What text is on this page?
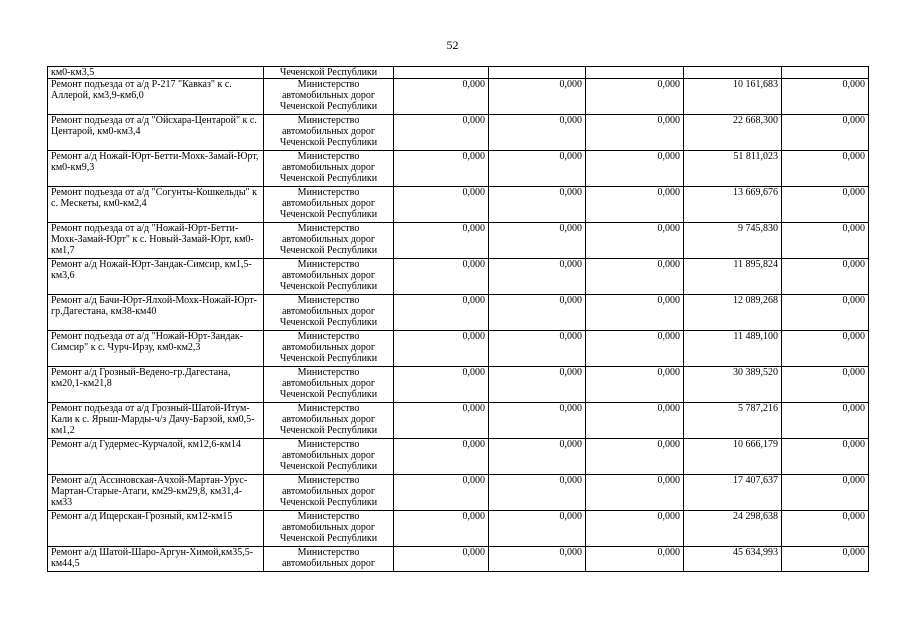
52
км0-км3,5	Чеченской Республики					
Ремонт подъезда от а/д Р-217 "Кавказ" к с. Аллерой, км3,9-км6,0	Министерство автомобильных дорог Чеченской Республики	0,000	0,000	0,000	10 161,683	0,000
Ремонт подъезда от а/д "Ойсхара-Центарой" к с. Центарой, км0-км3,4	Министерство автомобильных дорог Чеченской Республики	0,000	0,000	0,000	22 668,300	0,000
Ремонт а/д Ножай-Юрт-Бетти-Мохк-Замай-Юрт, км0-км9,3	Министерство автомобильных дорог Чеченской Республики	0,000	0,000	0,000	51 811,023	0,000
Ремонт подъезда от а/д "Согунты-Кошкельды" к с. Мескеты, км0-км2,4	Министерство автомобильных дорог Чеченской Республики	0,000	0,000	0,000	13 669,676	0,000
Ремонт подъезда от а/д "Ножай-Юрт-Бетти-Мохк-Замай-Юрт" к с. Новый-Замай-Юрт, км0-км1,7	Министерство автомобильных дорог Чеченской Республики	0,000	0,000	0,000	9 745,830	0,000
Ремонт а/д Ножай-Юрт-Зандак-Симсир, км1,5-км3,6	Министерство автомобильных дорог Чеченской Республики	0,000	0,000	0,000	11 895,824	0,000
Ремонт а/д Бачи-Юрт-Ялхой-Мохк-Ножай-Юрт-гр.Дагестана, км38-км40	Министерство автомобильных дорог Чеченской Республики	0,000	0,000	0,000	12 089,268	0,000
Ремонт подъезда от а/д "Ножай-Юрт-Зандак-Симсир" к с. Чурч-Ирзу, км0-км2,3	Министерство автомобильных дорог Чеченской Республики	0,000	0,000	0,000	11 489,100	0,000
Ремонт а/д Грозный-Ведено-гр.Дагестана, км20,1-км21,8	Министерство автомобильных дорог Чеченской Республики	0,000	0,000	0,000	30 389,520	0,000
Ремонт подъезда от а/д Грозный-Шатой-Итум-Кали к с. Ярыш-Марды-ч/з Дачу-Барзой, км0,5-км1,2	Министерство автомобильных дорог Чеченской Республики	0,000	0,000	0,000	5 787,216	0,000
Ремонт а/д Гудермес-Курчалой, км12,6-км14	Министерство автомобильных дорог Чеченской Республики	0,000	0,000	0,000	10 666,179	0,000
Ремонт а/д Ассиновская-Ачхой-Мартан-Урус-Мартан-Старые-Атаги, км29-км29,8, км31,4-км33	Министерство автомобильных дорог Чеченской Республики	0,000	0,000	0,000	17 407,637	0,000
Ремонт а/д Ищерская-Грозный, км12-км15	Министерство автомобильных дорог Чеченской Республики	0,000	0,000	0,000	24 298,638	0,000
Ремонт а/д Шатой-Шаро-Аргун-Химой,км35,5-км44,5	Министерство автомобильных дорог	0,000	0,000	0,000	45 634,993	0,000
